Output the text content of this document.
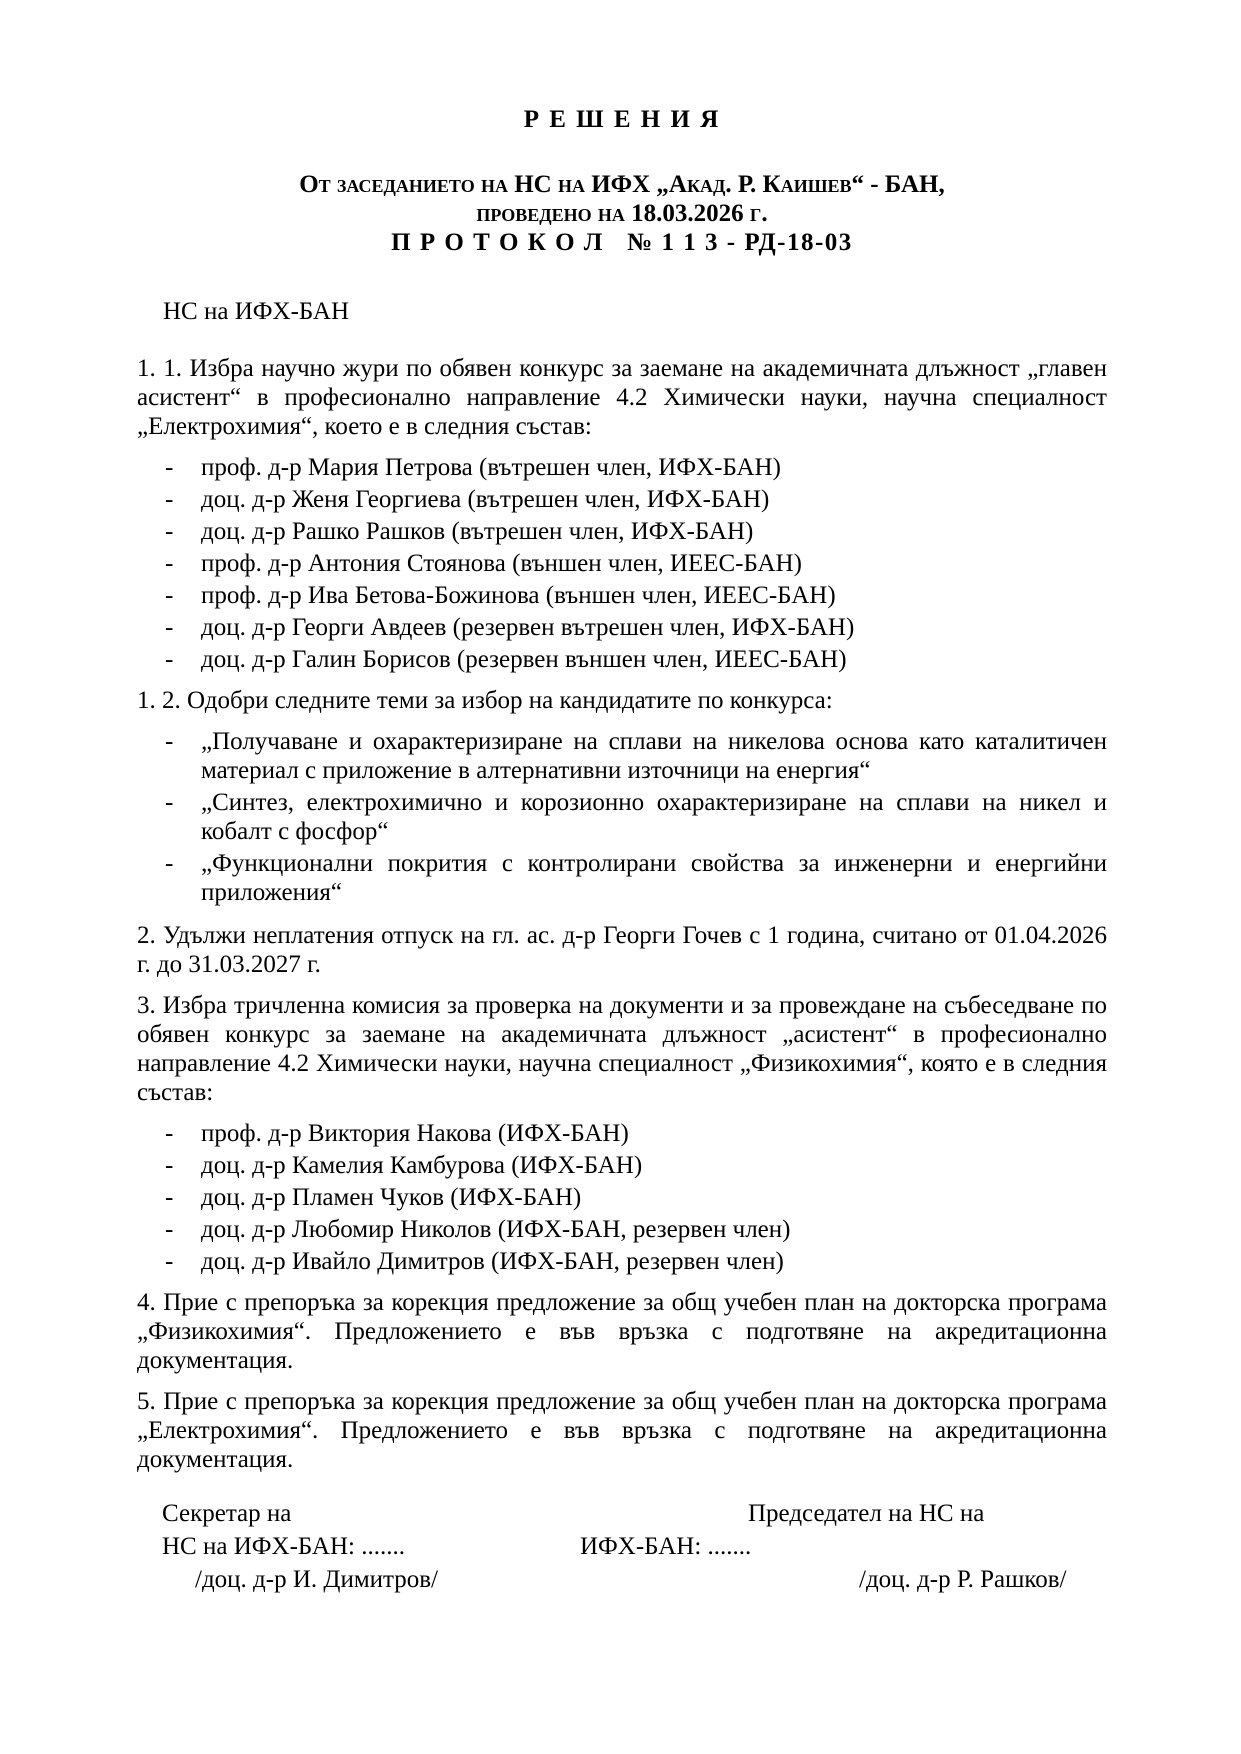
Р Е Ш Е Н И Я
От заседанието на НС на ИФХ „Акад. Р. Каишев“ - БАН,
проведено на 18.03.2026 г.
П Р О Т О К О Л   № 1 1 3 - РД-18-03
НС на ИФХ-БАН
1. 1. Избра научно жури по обявен конкурс за заемане на академичната длъжност „главен асистент“ в професионално направление 4.2 Химически науки, научна специалност „Електрохимия“, което е в следния състав:
-	проф. д-р Мария Петрова (вътрешен член, ИФХ-БАН)
-	доц. д-р Женя Георгиева (вътрешен член, ИФХ-БАН)
-	доц. д-р Рашко Рашков (вътрешен член, ИФХ-БАН)
-	проф. д-р Антония Стоянова (външен член, ИЕЕС-БАН)
-	проф. д-р Ива Бетова-Божинова (външен член, ИЕЕС-БАН)
-	доц. д-р Георги Авдеев (резервен вътрешен член, ИФХ-БАН)
-	доц. д-р Галин Борисов (резервен външен член, ИЕЕС-БАН)
1. 2. Одобри следните теми за избор на кандидатите по конкурса:
-	„Получаване и охарактеризиране на сплави на никелова основа като каталитичен материал с приложение в алтернативни източници на енергия“
-	„Синтез, електрохимично и корозионно охарактеризиране на сплави на никел и кобалт с фосфор“
-	„Функционални покрития с контролирани свойства за инженерни и енергийни приложения“
2. Удължи неплатения отпуск на гл. ас. д-р Георги Гочев с 1 година, считано от 01.04.2026 г. до 31.03.2027 г.
3. Избра тричленна комисия за проверка на документи и за провеждане на събеседване по обявен конкурс за заемане на академичната длъжност „асистент“ в професионално направление 4.2 Химически науки, научна специалност „Физикохимия“, която е в следния състав:
-	проф. д-р Виктория Накова (ИФХ-БАН)
-	доц. д-р Камелия Камбурова (ИФХ-БАН)
-	доц. д-р Пламен Чуков (ИФХ-БАН)
-	доц. д-р Любомир Николов (ИФХ-БАН, резервен член)
-	доц. д-р Ивайло Димитров (ИФХ-БАН, резервен член)
4. Прие с препоръка за корекция предложение за общ учебен план на докторска програма „Физикохимия“. Предложението е във връзка с подготвяне на акредитационна документация.
5. Прие с препоръка за корекция предложение за общ учебен план на докторска програма „Електрохимия“. Предложението е във връзка с подготвяне на акредитационна документация.
Секретар на	Председател на НС на
НС на ИФХ-БАН: .......	ИФХ-БАН: .......
/доц. д-р И. Димитров/	/доц. д-р Р. Рашков/
